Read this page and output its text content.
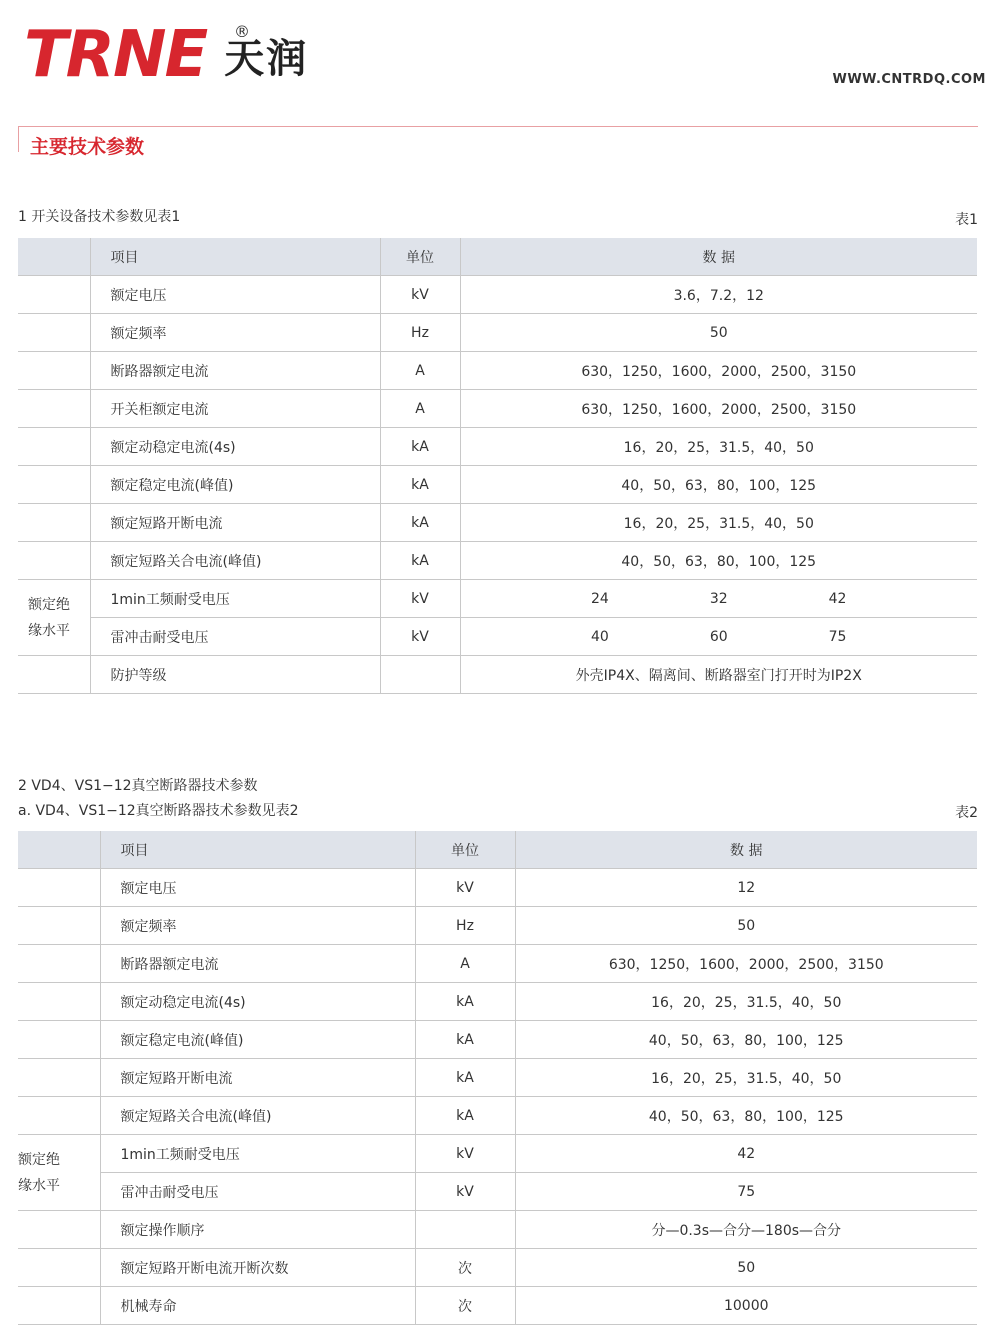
TRNE ®
天润	WWW.CNTRDQ.COM
主要技术参数
1 开关设备技术参数见表1	表1
	项目	单位	数 据
	额定电压	kV	3.6，7.2，12
	额定频率	Hz	50
	断路器额定电流	A	630，1250，1600，2000，2500，3150
	开关柜额定电流	A	630，1250，1600，2000，2500，3150
	额定动稳定电流(4s)	kA	16，20，25，31.5，40，50
	额定稳定电流(峰值)	kA	40，50，63，80，100，125
	额定短路开断电流	kA	16，20，25，31.5，40，50
	额定短路关合电流(峰值)	kA	40，50，63，80，100，125

额定绝
缘水平	1min工频耐受电压	kV	24 32 42

	雷冲击耐受电压	kV	40 60 75

	防护等级		外壳IP4X、隔离间、断路器室门打开时为IP2X
2 VD4、VS1−12真空断路器技术参数
a. VD4、VS1−12真空断路器技术参数见表2	表2
	项目	单位	数 据
	额定电压	kV	12
	额定频率	Hz	50
	断路器额定电流	A	630，1250，1600，2000，2500，3150
	额定动稳定电流(4s)	kA	16，20，25，31.5，40，50
	额定稳定电流(峰值)	kA	40，50，63，80，100，125
	额定短路开断电流	kA	16，20，25，31.5，40，50
	额定短路关合电流(峰值)	kA	40，50，63，80，100，125

额定绝
缘水平	1min工频耐受电压	kV	42
	雷冲击耐受电压	kV	75
	额定操作顺序		分—0.3s—合分—180s—合分
	额定短路开断电流开断次数	次	50
	机械寿命	次	10000
